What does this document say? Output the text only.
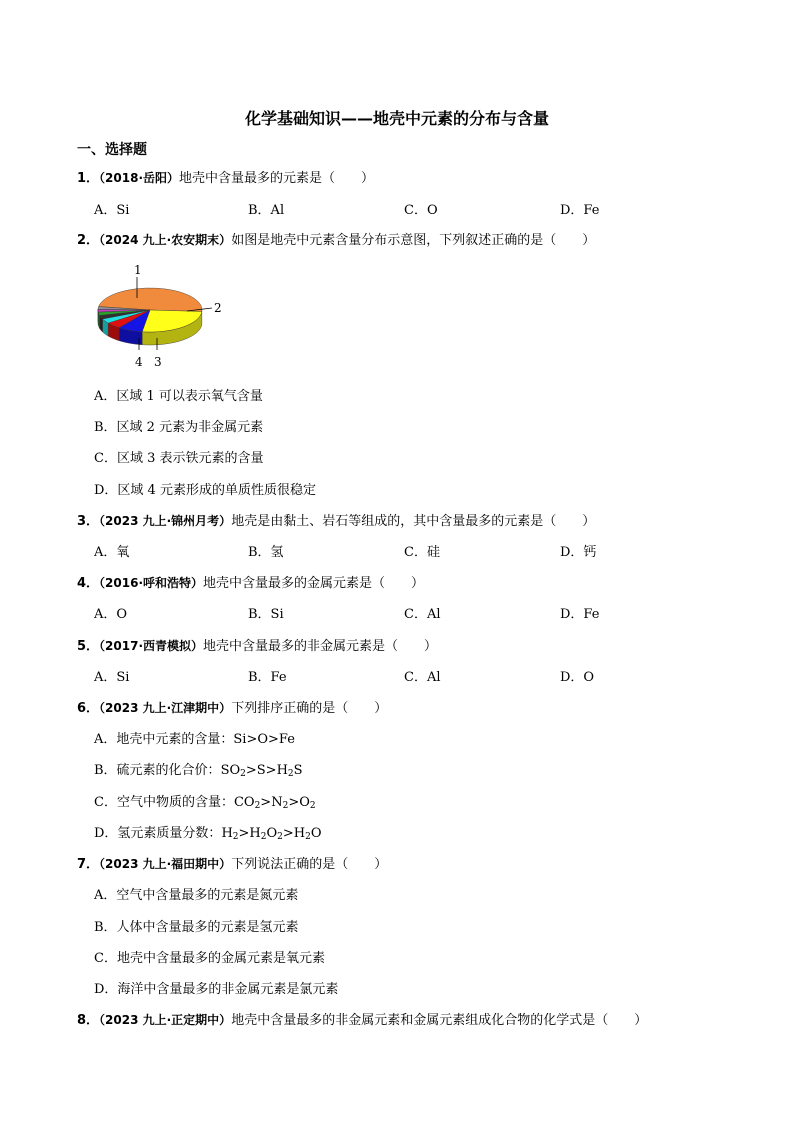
化学基础知识——地壳中元素的分布与含量
一、选择题
1．（2018·岳阳）地壳中含量最多的元素是（　　）
A．Si	B．Al	C．O	D．Fe
2．（2024 九上·农安期末）如图是地壳中元素含量分布示意图，下列叙述正确的是（　　）
1
2
3
4
A．区域 1 可以表示氧气含量
B．区域 2 元素为非金属元素
C．区域 3 表示铁元素的含量
D．区域 4 元素形成的单质性质很稳定
3．（2023 九上·锦州月考）地壳是由黏土、岩石等组成的，其中含量最多的元素是（　　）
A．氧	B．氢	C．硅	D．钙
4．（2016·呼和浩特）地壳中含量最多的金属元素是（　　）
A．O	B．Si	C．Al	D．Fe
5．（2017·西青模拟）地壳中含量最多的非金属元素是（　　）
A．Si	B．Fe	C．Al	D．O
6．（2023 九上·江津期中）下列排序正确的是（　　）
A．地壳中元素的含量：Si>O>Fe
B．硫元素的化合价：$SO_2>S>H_2S$
C．空气中物质的含量：$CO_2>N_2>O_2$
D．氢元素质量分数：$H_2>H_2O_2>H_2O$
7．（2023 九上·福田期中）下列说法正确的是（　　）
A．空气中含量最多的元素是氮元素
B．人体中含量最多的元素是氢元素
C．地壳中含量最多的金属元素是氧元素
D．海洋中含量最多的非金属元素是氯元素
8．（2023 九上·正定期中）地壳中含量最多的非金属元素和金属元素组成化合物的化学式是（　　）
